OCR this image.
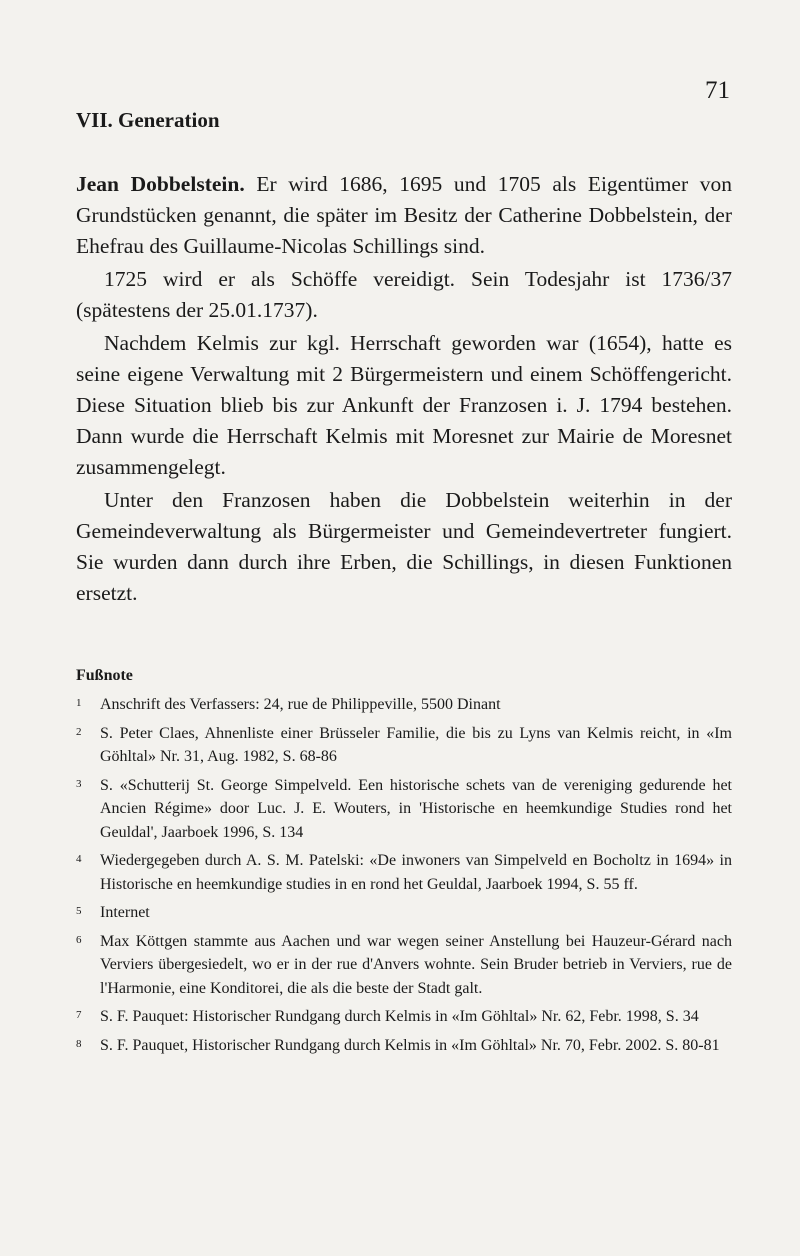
71
VII. Generation

Jean Dobbelstein. Er wird 1686, 1695 und 1705 als Eigentümer von Grundstücken genannt, die später im Besitz der Catherine Dobbelstein, der Ehefrau des Guillaume-Nicolas Schillings sind.

1725 wird er als Schöffe vereidigt. Sein Todesjahr ist 1736/37 (spätestens der 25.01.1737).

Nachdem Kelmis zur kgl. Herrschaft geworden war (1654), hatte es seine eigene Verwaltung mit 2 Bürgermeistern und einem Schöffengericht. Diese Situation blieb bis zur Ankunft der Franzosen i. J. 1794 bestehen. Dann wurde die Herrschaft Kelmis mit Moresnet zur Mairie de Moresnet zusammengelegt.

Unter den Franzosen haben die Dobbelstein weiterhin in der Gemeindeverwaltung als Bürgermeister und Gemeindevertreter fungiert. Sie wurden dann durch ihre Erben, die Schillings, in diesen Funktionen ersetzt.

Fußnote
1	Anschrift des Verfassers: 24, rue de Philippeville, 5500 Dinant
2	S. Peter Claes, Ahnenliste einer Brüsseler Familie, die bis zu Lyns van Kelmis reicht, in «Im Göhltal» Nr. 31, Aug. 1982, S. 68-86
3	S. «Schutterij St. George Simpelveld. Een historische schets van de vereniging gedurende het Ancien Régime» door Luc. J. E. Wouters, in 'Historische en heemkundige Studies rond het Geuldal', Jaarboek 1996, S. 134
4	Wiedergegeben durch A. S. M. Patelski: «De inwoners van Simpelveld en Bocholtz in 1694» in Historische en heemkundige studies in en rond het Geuldal, Jaarboek 1994, S. 55 ff.
5	Internet
6	Max Köttgen stammte aus Aachen und war wegen seiner Anstellung bei Hauzeur-Gérard nach Verviers übergesiedelt, wo er in der rue d'Anvers wohnte. Sein Bruder betrieb in Verviers, rue de l'Harmonie, eine Konditorei, die als die beste der Stadt galt.
7	S. F. Pauquet: Historischer Rundgang durch Kelmis in «Im Göhltal» Nr. 62, Febr. 1998, S. 34
8	S. F. Pauquet, Historischer Rundgang durch Kelmis in «Im Göhltal» Nr. 70, Febr. 2002. S. 80-81
